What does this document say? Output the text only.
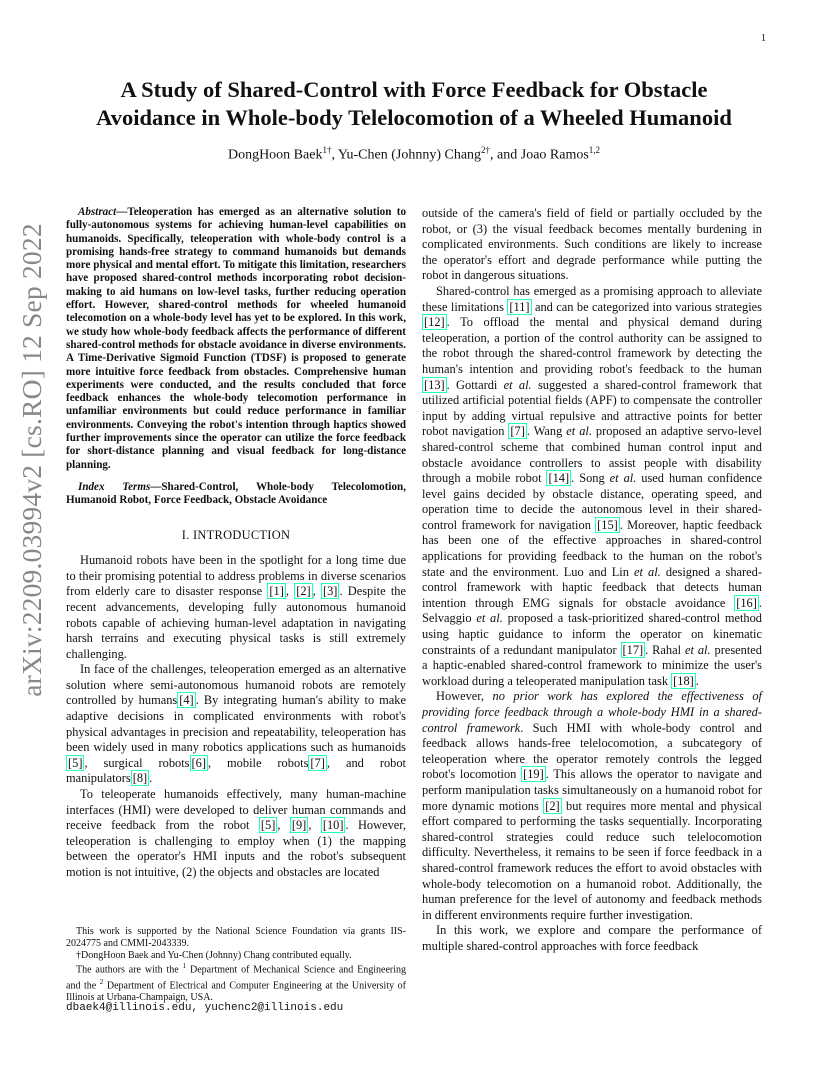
1
arXiv:2209.03994v2 [cs.RO] 12 Sep 2022
A Study of Shared-Control with Force Feedback for Obstacle
Avoidance in Whole-body Telelocomotion of a Wheeled Humanoid
DongHoon Baek$^{1\dagger}$, Yu-Chen (Johnny) Chang$^{2\dagger}$, and Joao Ramos$^{1,2}$

Abstract—Teleoperation has emerged as an alternative solution to fully-autonomous systems for achieving human-level capabilities on humanoids. Specifically, teleoperation with whole-body control is a promising hands-free strategy to command humanoids but demands more physical and mental effort. To mitigate this limitation, researchers have proposed shared-control methods incorporating robot decision-making to aid humans on low-level tasks, further reducing operation effort. However, shared-control methods for wheeled humanoid telecomotion on a whole-body level has yet to be explored. In this work, we study how whole-body feedback affects the performance of different shared-control methods for obstacle avoidance in diverse environments. A Time-Derivative Sigmoid Function (TDSF) is proposed to generate more intuitive force feedback from obstacles. Comprehensive human experiments were conducted, and the results concluded that force feedback enhances the whole-body telecomotion performance in unfamiliar environments but could reduce performance in familiar environments. Conveying the robot's intention through haptics showed further improvements since the operator can utilize the force feedback for short-distance planning and visual feedback for long-distance planning.

Index Terms—Shared-Control, Whole-body Telecolomotion, Humanoid Robot, Force Feedback, Obstacle Avoidance

I. INTRODUCTION

Humanoid robots have been in the spotlight for a long time due to their promising potential to address problems in diverse scenarios from elderly care to disaster response [1] , [2] , [3] . Despite the recent advancements, developing fully autonomous humanoid robots capable of achieving human-level adaptation in navigating harsh terrains and executing physical tasks is still extremely challenging.

In face of the challenges, teleoperation emerged as an alternative solution where semi-autonomous humanoid robots are remotely controlled by humans [4] . By integrating human's ability to make adaptive decisions in complicated environments with robot's physical advantages in precision and repeatability, teleoperation has been widely used in many robotics applications such as humanoids [5] , surgical robots [6] , mobile robots [7] , and robot manipulators [8] .

To teleoperate humanoids effectively, many human-machine interfaces (HMI) were developed to deliver human commands and receive feedback from the robot [5] , [9] , [10] . However, teleoperation is challenging to employ when (1) the mapping between the operator's HMI inputs and the robot's subsequent motion is not intuitive, (2) the objects and obstacles are located

This work is supported by the National Science Foundation via grants IIS-2024775 and CMMI-2043339.

†DongHoon Baek and Yu-Chen (Johnny) Chang contributed equally.

The authors are with the $^1$ Department of Mechanical Science and Engineering and the $^2$ Department of Electrical and Computer Engineering at the University of Illinois at Urbana-Champaign, USA.

dbaek4@illinois.edu, yuchenc2@illinois.edu

outside of the camera's field of field or partially occluded by the robot, or (3) the visual feedback becomes mentally burdening in complicated environments. Such conditions are likely to increase the operator's effort and degrade performance while putting the robot in dangerous situations.

Shared-control has emerged as a promising approach to alleviate these limitations [11] and can be categorized into various strategies [12] . To offload the mental and physical demand during teleoperation, a portion of the control authority can be assigned to the robot through the shared-control framework by detecting the human's intention and providing robot's feedback to the human [13] . Gottardi et al. suggested a shared-control framework that utilized artificial potential fields (APF) to compensate the controller input by adding virtual repulsive and attractive points for better robot navigation [7] . Wang et al. proposed an adaptive servo-level shared-control scheme that combined human control input and obstacle avoidance controllers to assist people with disability through a mobile robot [14] . Song et al. used human confidence level gains decided by obstacle distance, operating speed, and operation time to decide the autonomous level in their shared-control framework for navigation [15] . Moreover, haptic feedback has been one of the effective approaches in shared-control applications for providing feedback to the human on the robot's state and the environment. Luo and Lin et al. designed a shared-control framework with haptic feedback that detects human intention through EMG signals for obstacle avoidance [16] . Selvaggio et al. proposed a task-prioritized shared-control method using haptic guidance to inform the operator on kinematic constraints of a redundant manipulator [17] . Rahal et al. presented a haptic-enabled shared-control framework to minimize the user's workload during a teleoperated manipulation task [18] .

However, no prior work has explored the effectiveness of providing force feedback through a whole-body HMI in a shared-control framework. Such HMI with whole-body control and feedback allows hands-free telelocomotion, a subcategory of teleoperation where the operator remotely controls the legged robot's locomotion [19] . This allows the operator to navigate and perform manipulation tasks simultaneously on a humanoid robot for more dynamic motions [2] but requires more mental and physical effort compared to performing the tasks sequentially. Incorporating shared-control strategies could reduce such telelocomotion difficulty. Nevertheless, it remains to be seen if force feedback in a shared-control framework reduces the effort to avoid obstacles with whole-body telecomotion on a humanoid robot. Additionally, the human preference for the level of autonomy and feedback methods in different environments require further investigation.

In this work, we explore and compare the performance of multiple shared-control approaches with force feedback
